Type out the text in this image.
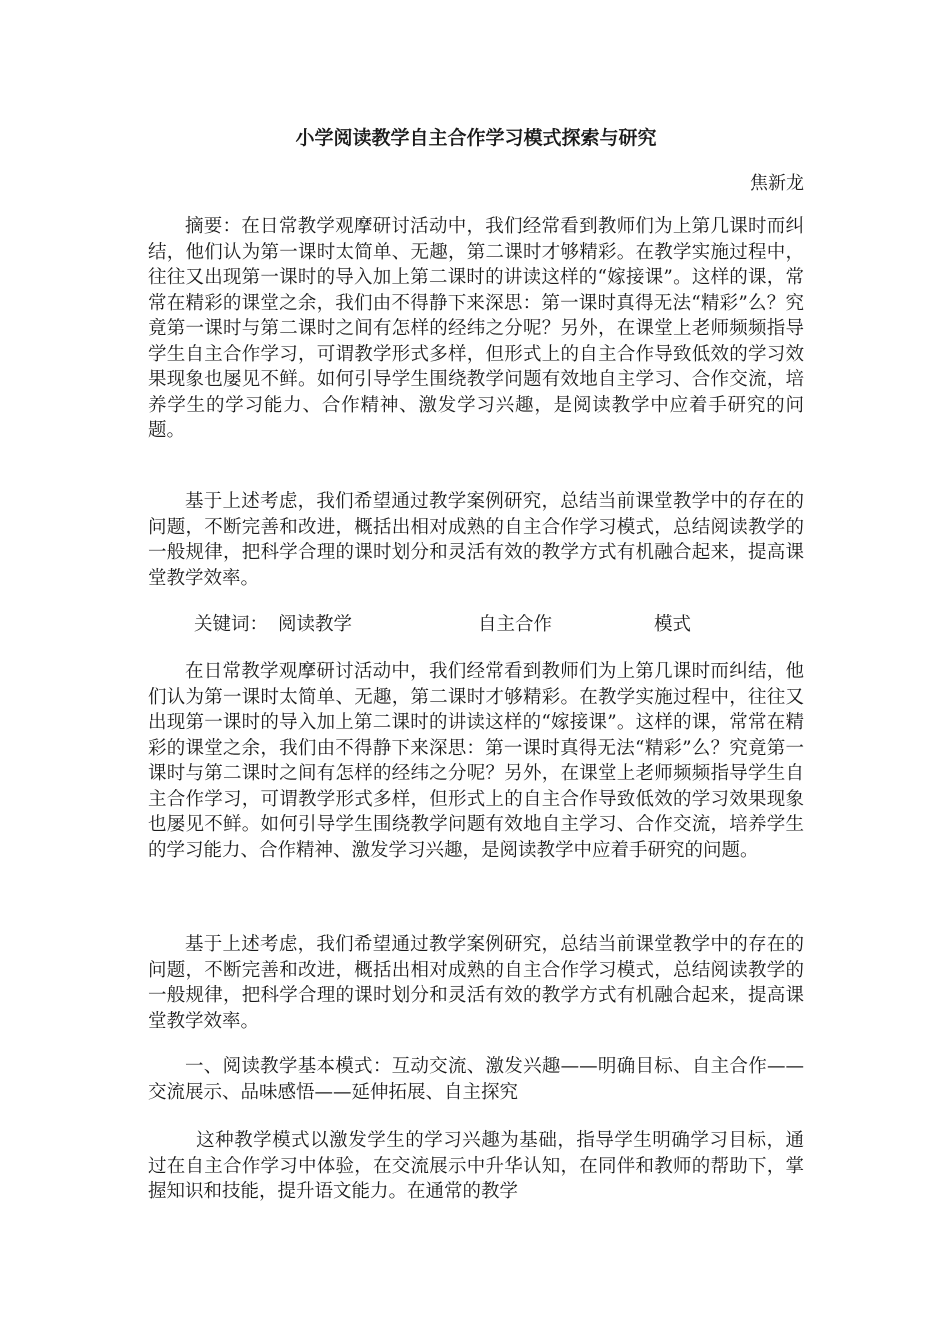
小学阅读教学自主合作学习模式探索与研究

焦新龙

摘要：在日常教学观摩研讨活动中，我们经常看到教师们为上第几课时而纠结，他们认为第一课时太简单、无趣，第二课时才够精彩。在教学实施过程中，往往又出现第一课时的导入加上第二课时的讲读这样的“嫁接课”。这样的课，常常在精彩的课堂之余，我们由不得静下来深思：第一课时真得无法“精彩”么？究竟第一课时与第二课时之间有怎样的经纬之分呢？另外，在课堂上老师频频指导学生自主合作学习，可谓教学形式多样，但形式上的自主合作导致低效的学习效果现象也屡见不鲜。如何引导学生围绕教学问题有效地自主学习、合作交流，培养学生的学习能力、合作精神、激发学习兴趣，是阅读教学中应着手研究的问题。

基于上述考虑，我们希望通过教学案例研究，总结当前课堂教学中的存在的问题，不断完善和改进，概括出相对成熟的自主合作学习模式，总结阅读教学的一般规律，把科学合理的课时划分和灵活有效的教学方式有机融合起来，提高课堂教学效率。

关键词： 阅读教学	自主合作	模式

在日常教学观摩研讨活动中，我们经常看到教师们为上第几课时而纠结，他们认为第一课时太简单、无趣，第二课时才够精彩。在教学实施过程中，往往又出现第一课时的导入加上第二课时的讲读这样的“嫁接课”。这样的课，常常在精彩的课堂之余，我们由不得静下来深思：第一课时真得无法“精彩”么？究竟第一课时与第二课时之间有怎样的经纬之分呢？另外，在课堂上老师频频指导学生自主合作学习，可谓教学形式多样，但形式上的自主合作导致低效的学习效果现象也屡见不鲜。如何引导学生围绕教学问题有效地自主学习、合作交流，培养学生的学习能力、合作精神、激发学习兴趣，是阅读教学中应着手研究的问题。

基于上述考虑，我们希望通过教学案例研究，总结当前课堂教学中的存在的问题，不断完善和改进，概括出相对成熟的自主合作学习模式，总结阅读教学的一般规律，把科学合理的课时划分和灵活有效的教学方式有机融合起来，提高课堂教学效率。

一、阅读教学基本模式：互动交流、激发兴趣——明确目标、自主合作——交流展示、品味感悟——延伸拓展、自主探究

这种教学模式以激发学生的学习兴趣为基础，指导学生明确学习目标，通过在自主合作学习中体验，在交流展示中升华认知，在同伴和教师的帮助下，掌握知识和技能，提升语文能力。在通常的教学
